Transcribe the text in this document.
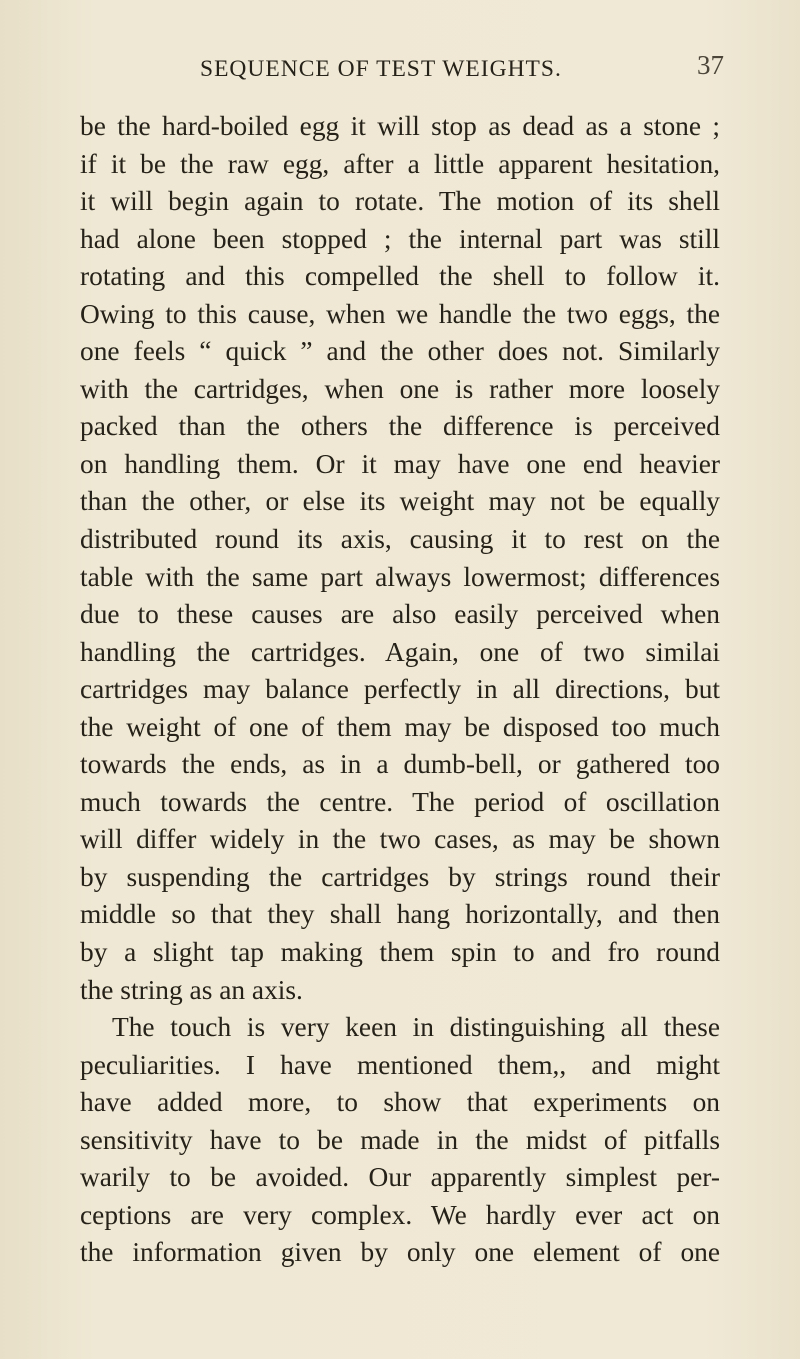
SEQUENCE OF TEST WEIGHTS.	37
be the hard-boiled egg it will stop as dead as a stone ;
if it be the raw egg, after a little apparent hesitation,
it will begin again to rotate. The motion of its shell
had alone been stopped ; the internal part was still
rotating and this compelled the shell to follow it.
Owing to this cause, when we handle the two eggs, the
one feels “ quick ” and the other does not. Similarly
with the cartridges, when one is rather more loosely
packed than the others the difference is perceived
on handling them. Or it may have one end heavier
than the other, or else its weight may not be equally
distributed round its axis, causing it to rest on the
table with the same part always lowermost; differences
due to these causes are also easily perceived when
handling the cartridges. Again, one of two similai
cartridges may balance perfectly in all directions, but
the weight of one of them may be disposed too much
towards the ends, as in a dumb-bell, or gathered too
much towards the centre. The period of oscillation
will differ widely in the two cases, as may be shown
by suspending the cartridges by strings round their
middle so that they shall hang horizontally, and then
by a slight tap making them spin to and fro round
the string as an axis.
The touch is very keen in distinguishing all these
peculiarities. I have mentioned them,, and might
have added more, to show that experiments on
sensitivity have to be made in the midst of pitfalls
warily to be avoided. Our apparently simplest per-
ceptions are very complex. We hardly ever act on
the information given by only one element of one
